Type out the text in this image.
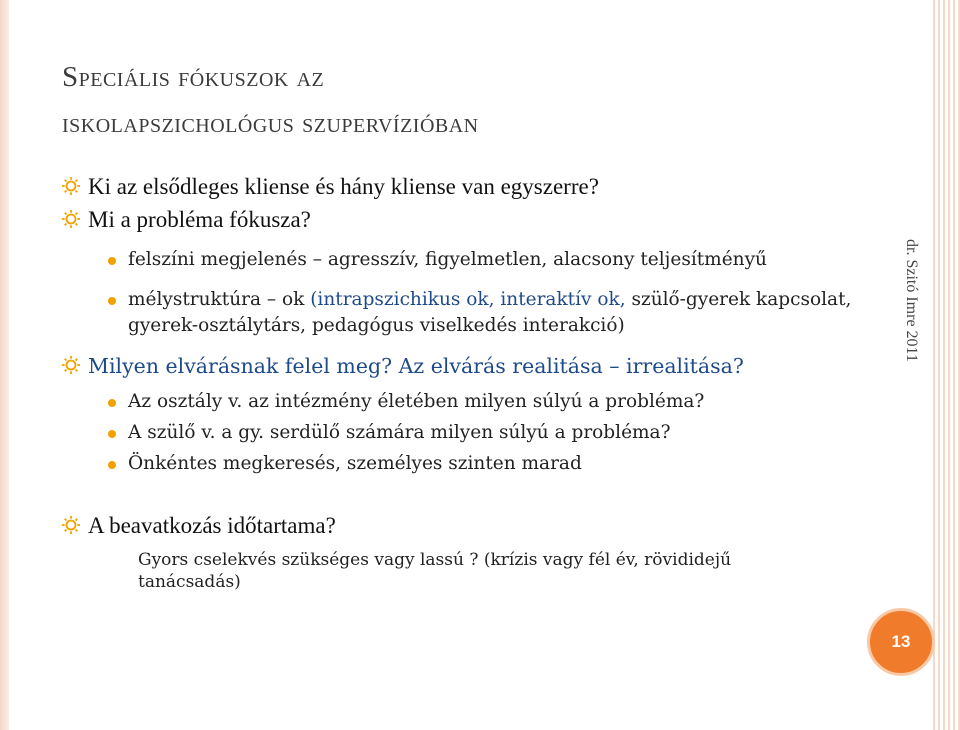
Speciális fókuszok az
iskolapszichológus szupervízióban
Ki az elsődleges kliense és hány kliense van egyszerre?
Mi a probléma fókusza?
felszíni megjelenés – agresszív, figyelmetlen, alacsony teljesítményű
mélystruktúra – ok (intrapszichikus ok, interaktív ok, szülő-gyerek kapcsolat, gyerek-osztálytárs, pedagógus viselkedés interakció)
Milyen elvárásnak felel meg? Az elvárás realitása – irrealitása?
Az osztály v. az intézmény életében milyen súlyú a probléma?
A szülő v. a gy. serdülő számára milyen súlyú a probléma?
Önkéntes megkeresés, személyes szinten marad
A beavatkozás időtartama?
Gyors cselekvés szükséges vagy lassú ? (krízis vagy fél év, rövididejű tanácsadás)
dr. Szitó Imre 2011
13
